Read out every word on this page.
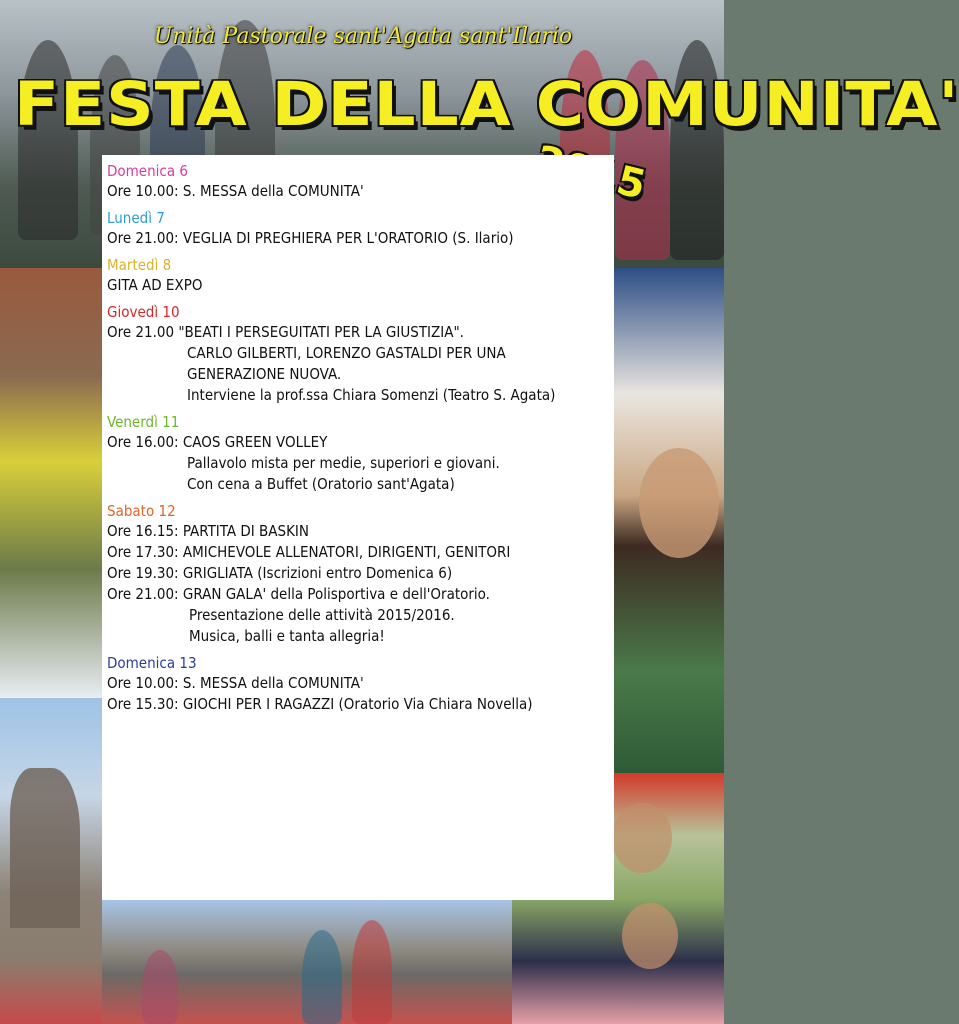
Unità Pastorale sant'Agata sant'Ilario
FESTA DELLA COMUNITA'
Domenica 6
Ore 10.00: S. MESSA della COMUNITA'
Lunedì 7
Ore 21.00: VEGLIA DI PREGHIERA PER L'ORATORIO (S. Ilario)
Martedì 8
GITA AD EXPO
Giovedì 10
Ore 21.00 "BEATI I PERSEGUITATI PER LA GIUSTIZIA".
CARLO GILBERTI, LORENZO GASTALDI PER UNA
GENERAZIONE NUOVA.
Interviene la prof.ssa Chiara Somenzi (Teatro S. Agata)
Venerdì 11
Ore 16.00: CAOS GREEN VOLLEY
Pallavolo mista per medie, superiori e giovani.
Con cena a Buffet (Oratorio sant'Agata)
Sabato 12
Ore 16.15: PARTITA DI BASKIN
Ore 17.30: AMICHEVOLE ALLENATORI, DIRIGENTI, GENITORI
Ore 19.30: GRIGLIATA (Iscrizioni entro Domenica 6)
Ore 21.00: GRAN GALA' della Polisportiva e dell'Oratorio.
Presentazione delle attività 2015/2016.
Musica, balli e tanta allegria!
Domenica 13
Ore 10.00: S. MESSA della COMUNITA'
Ore 15.30: GIOCHI PER I RAGAZZI (Oratorio Via Chiara Novella)
